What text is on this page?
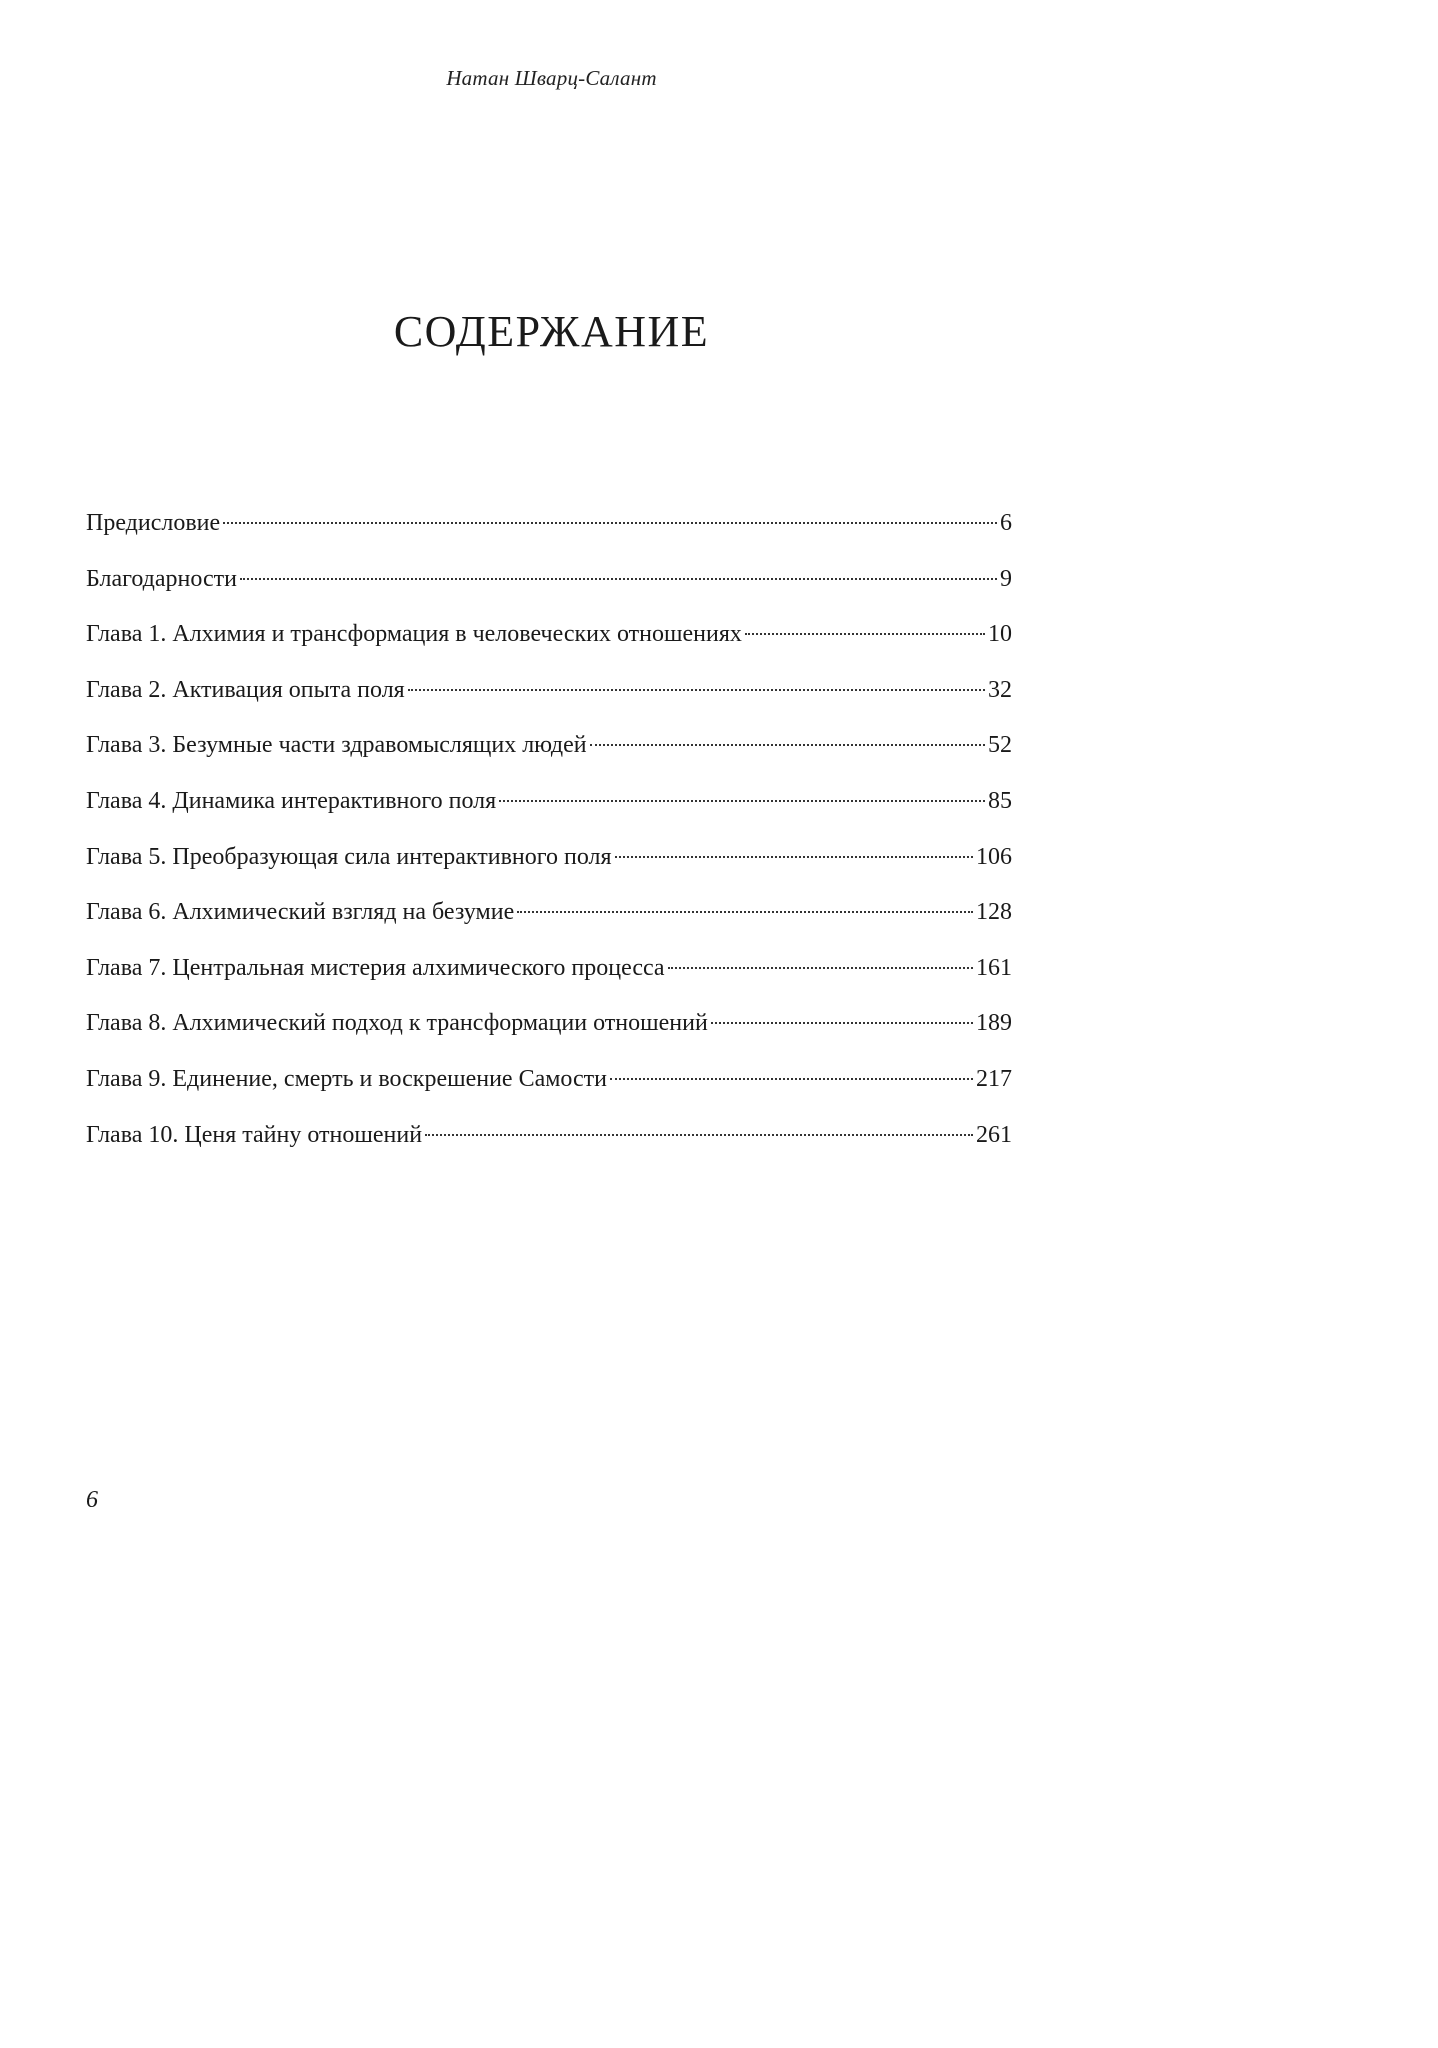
Натан Шварц-Салант
СОДЕРЖАНИЕ
Предисловие	6
Благодарности	9
Глава 1. Алхимия и трансформация в человеческих отношениях	10
Глава 2. Активация опыта поля	32
Глава 3. Безумные части здравомыслящих людей	52
Глава 4. Динамика интерактивного поля	85
Глава 5. Преобразующая сила интерактивного поля	106
Глава 6. Алхимический взгляд на безумие	128
Глава 7. Центральная мистерия алхимического процесса	161
Глава 8. Алхимический подход к трансформации отношений	189
Глава 9. Единение, смерть и воскрешение Самости	217
Глава 10. Ценя тайну отношений	261
6
